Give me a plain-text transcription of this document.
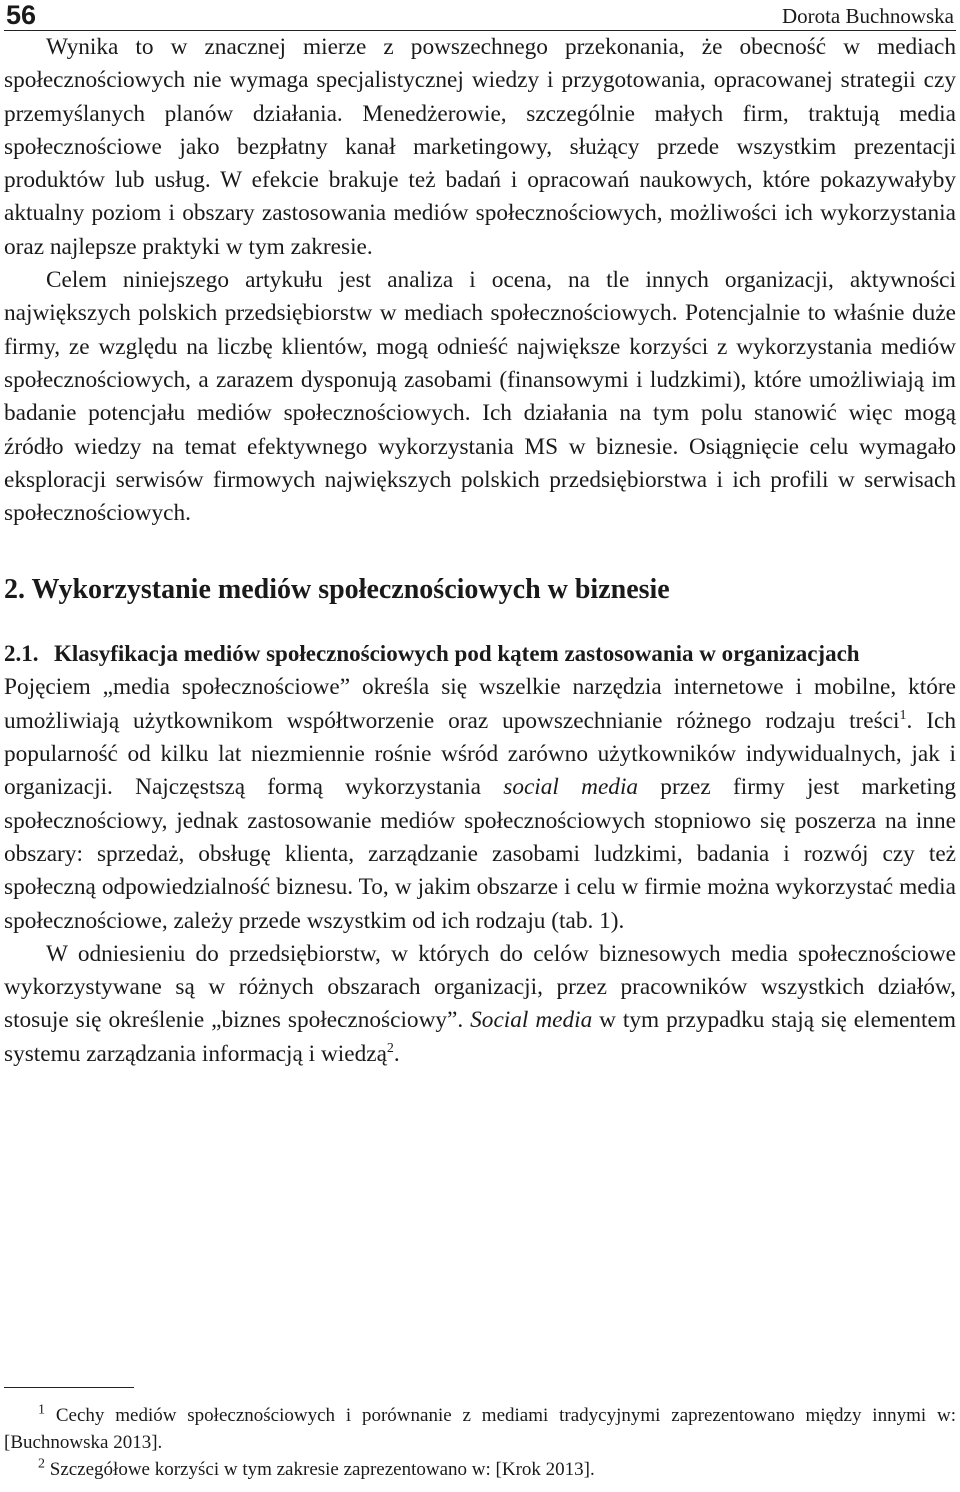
56	Dorota Buchnowska

Wynika to w znacznej mierze z powszechnego przekonania, że obecność w mediach społecznościowych nie wymaga specjalistycznej wiedzy i przygotowania, opracowanej strategii czy przemyślanych planów działania. Menedżerowie, szczególnie małych firm, traktują media społecznościowe jako bezpłatny kanał marketingowy, służący przede wszystkim prezentacji produktów lub usług. W efekcie brakuje też badań i opracowań naukowych, które pokazywałyby aktualny poziom i obszary zastosowania mediów społecznościowych, możliwości ich wykorzystania oraz najlepsze praktyki w tym zakresie.

Celem niniejszego artykułu jest analiza i ocena, na tle innych organizacji, aktywności największych polskich przedsiębiorstw w mediach społecznościowych. Potencjalnie to właśnie duże firmy, ze względu na liczbę klientów, mogą odnieść największe korzyści z wykorzystania mediów społecznościowych, a zarazem dysponują zasobami (finansowymi i ludzkimi), które umożliwiają im badanie potencjału mediów społecznościowych. Ich działania na tym polu stanowić więc mogą źródło wiedzy na temat efektywnego wykorzystania MS w biznesie. Osiągnięcie celu wymagało eksploracji serwisów firmowych największych polskich przedsiębiorstwa i ich profili w serwisach społecznościowych.

2. Wykorzystanie mediów społecznościowych w biznesie
2.1. Klasyfikacja mediów społecznościowych pod kątem zastosowania w organizacjach

Pojęciem „media społecznościowe” określa się wszelkie narzędzia internetowe i mobilne, które umożliwiają użytkownikom współtworzenie oraz upowszechnianie różnego rodzaju treści$^1$. Ich popularność od kilku lat niezmiennie rośnie wśród zarówno użytkowników indywidualnych, jak i organizacji. Najczęstszą formą wykorzystania social media przez firmy jest marketing społecznościowy, jednak zastosowanie mediów społecznościowych stopniowo się poszerza na inne obszary: sprzedaż, obsługę klienta, zarządzanie zasobami ludzkimi, badania i rozwój czy też społeczną odpowiedzialność biznesu. To, w jakim obszarze i celu w firmie można wykorzystać media społecznościowe, zależy przede wszystkim od ich rodzaju (tab. 1).

W odniesieniu do przedsiębiorstw, w których do celów biznesowych media społecznościowe wykorzystywane są w różnych obszarach organizacji, przez pracowników wszystkich działów, stosuje się określenie „biznes społecznościowy”. Social media w tym przypadku stają się elementem systemu zarządzania informacją i wiedzą$^2$.

$^1$ Cechy mediów społecznościowych i porównanie z mediami tradycyjnymi zaprezentowano między innymi w: [Buchnowska 2013].

$^2$ Szczegółowe korzyści w tym zakresie zaprezentowano w: [Krok 2013].
